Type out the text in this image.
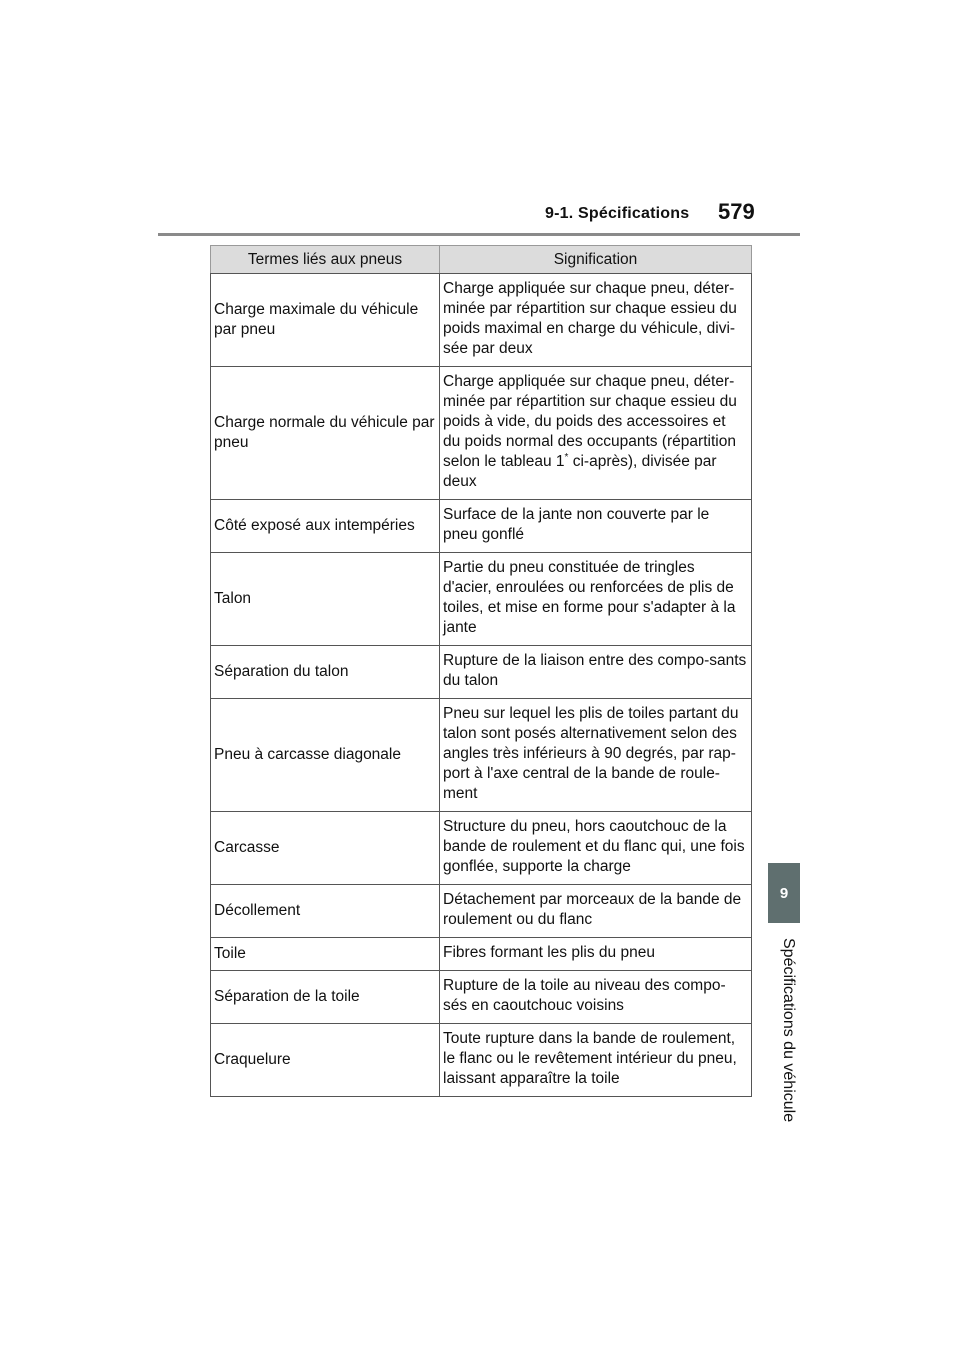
9-1. Spécifications 579
9
Spécifications du véhicule
Termes liés aux pneus	Signification
Charge maximale du véhicule par pneu	Charge appliquée sur chaque pneu, déter-minée par répartition sur chaque essieu du poids maximal en charge du véhicule, divi-sée par deux
Charge normale du véhicule par pneu	Charge appliquée sur chaque pneu, déter-minée par répartition sur chaque essieu du poids à vide, du poids des accessoires et du poids normal des occupants (répartition selon le tableau 1* ci-après), divisée par deux
Côté exposé aux intempéries	Surface de la jante non couverte par le pneu gonflé
Talon	Partie du pneu constituée de tringles d'acier, enroulées ou renforcées de plis de toiles, et mise en forme pour s'adapter à la jante
Séparation du talon	Rupture de la liaison entre des compo-sants du talon
Pneu à carcasse diagonale	Pneu sur lequel les plis de toiles partant du talon sont posés alternativement selon des angles très inférieurs à 90 degrés, par rap-port à l'axe central de la bande de roule-ment
Carcasse	Structure du pneu, hors caoutchouc de la bande de roulement et du flanc qui, une fois gonflée, supporte la charge
Décollement	Détachement par morceaux de la bande de roulement ou du flanc
Toile	Fibres formant les plis du pneu
Séparation de la toile	Rupture de la toile au niveau des compo-sés en caoutchouc voisins
Craquelure	Toute rupture dans la bande de roulement, le flanc ou le revêtement intérieur du pneu, laissant apparaître la toile
